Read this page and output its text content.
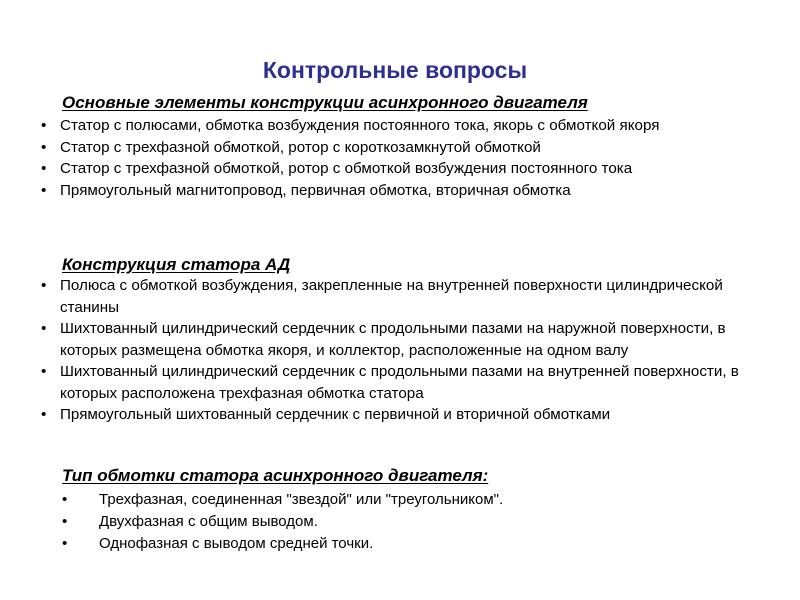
Контрольные вопросы
Основные элементы конструкции асинхронного двигателя
• Статор с полюсами, обмотка возбуждения постоянного тока, якорь с обмоткой якоря
• Статор с трехфазной обмоткой, ротор с короткозамкнутой обмоткой
• Статор с трехфазной обмоткой, ротор с обмоткой возбуждения постоянного тока
• Прямоугольный магнитопровод, первичная обмотка, вторичная обмотка
Конструкция статора АД
• Полюса с обмоткой возбуждения, закрепленные на внутренней поверхности цилиндрической станины
• Шихтованный цилиндрический сердечник с продольными пазами на наружной поверхности, в которых размещена обмотка якоря, и коллектор, расположенные на одном валу
• Шихтованный цилиндрический сердечник с продольными пазами на внутренней поверхности, в которых расположена трехфазная обмотка статора
• Прямоугольный шихтованный сердечник с первичной и вторичной обмотками
Тип обмотки статора асинхронного двигателя:
• Трехфазная, соединенная "звездой" или "треугольником".
• Двухфазная с общим выводом.
• Однофазная с выводом средней точки.
